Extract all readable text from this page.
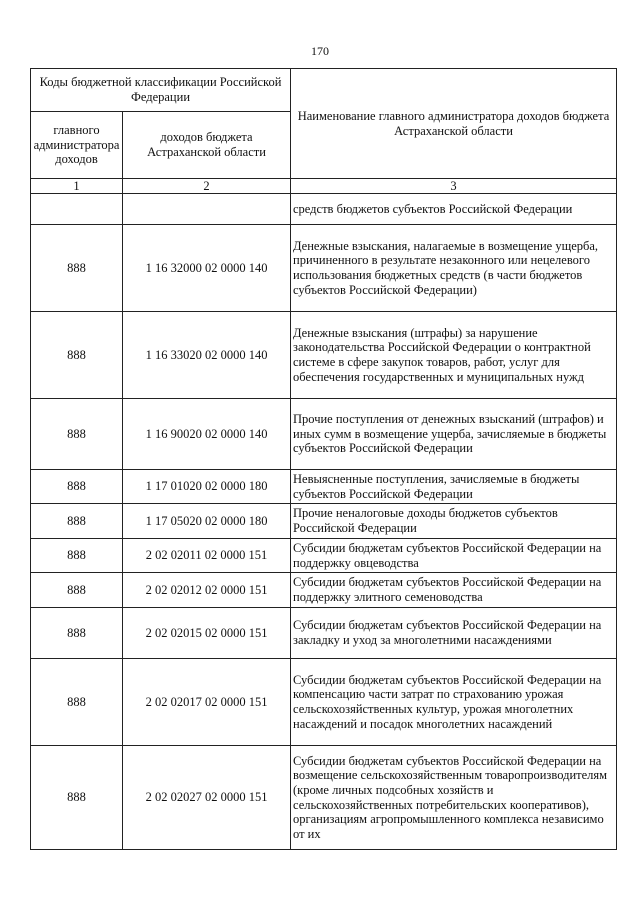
170
Коды бюджетной классификации Российской Федерации		Наименование главного администратора доходов бюджета Астраханской области
главного администратора доходов	доходов бюджета Астраханской области	
1	2	3
		средств бюджетов субъектов Российской Федерации
888	1 16 32000 02 0000 140	Денежные взыскания, налагаемые в возмещение ущерба, причиненного в результате незаконного или нецелевого использования бюджетных средств (в части бюджетов субъектов Российской Федерации)
888	1 16 33020 02 0000 140	Денежные взыскания (штрафы) за нарушение законодательства Российской Федерации о контрактной системе в сфере закупок товаров, работ, услуг для обеспечения государственных и муниципальных нужд
888	1 16 90020 02 0000 140	Прочие поступления от денежных взысканий (штрафов) и иных сумм в возмещение ущерба, зачисляемые в бюджеты субъектов Российской Федерации
888	1 17 01020 02 0000 180	Невыясненные поступления, зачисляемые в бюджеты субъектов Российской Федерации
888	1 17 05020 02 0000 180	Прочие неналоговые доходы бюджетов субъектов Российской Федерации
888	2 02 02011 02 0000 151	Субсидии бюджетам субъектов Российской Федерации на поддержку овцеводства
888	2 02 02012 02 0000 151	Субсидии бюджетам субъектов Российской Федерации на поддержку элитного семеноводства
888	2 02 02015 02 0000 151	Субсидии бюджетам субъектов Российской Федерации на закладку и уход за многолетними насаждениями
888	2 02 02017 02 0000 151	Субсидии бюджетам субъектов Российской Федерации на компенсацию части затрат по страхованию урожая сельскохозяйственных культур, урожая многолетних насаждений и посадок многолетних насаждений
888	2 02 02027 02 0000 151	Субсидии бюджетам субъектов Российской Федерации на возмещение сельскохозяйственным товаропроизводителям (кроме личных подсобных хозяйств и сельскохозяйственных потребительских кооперативов), организациям агропромышленного комплекса независимо от их
